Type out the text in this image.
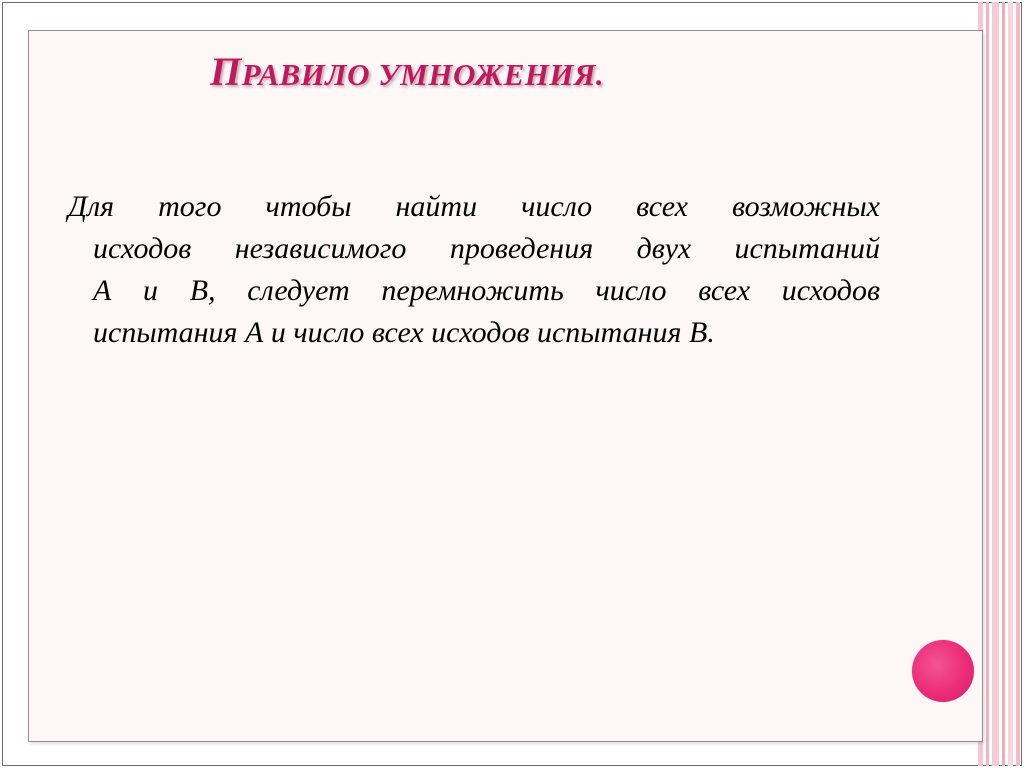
ПРАВИЛО УМНОЖЕНИЯ.

Для того чтобы найти число всех возможных
исходов независимого проведения двух испытаний
А и В, следует перемножить число всех исходов
испытания А и число всех исходов испытания В.
